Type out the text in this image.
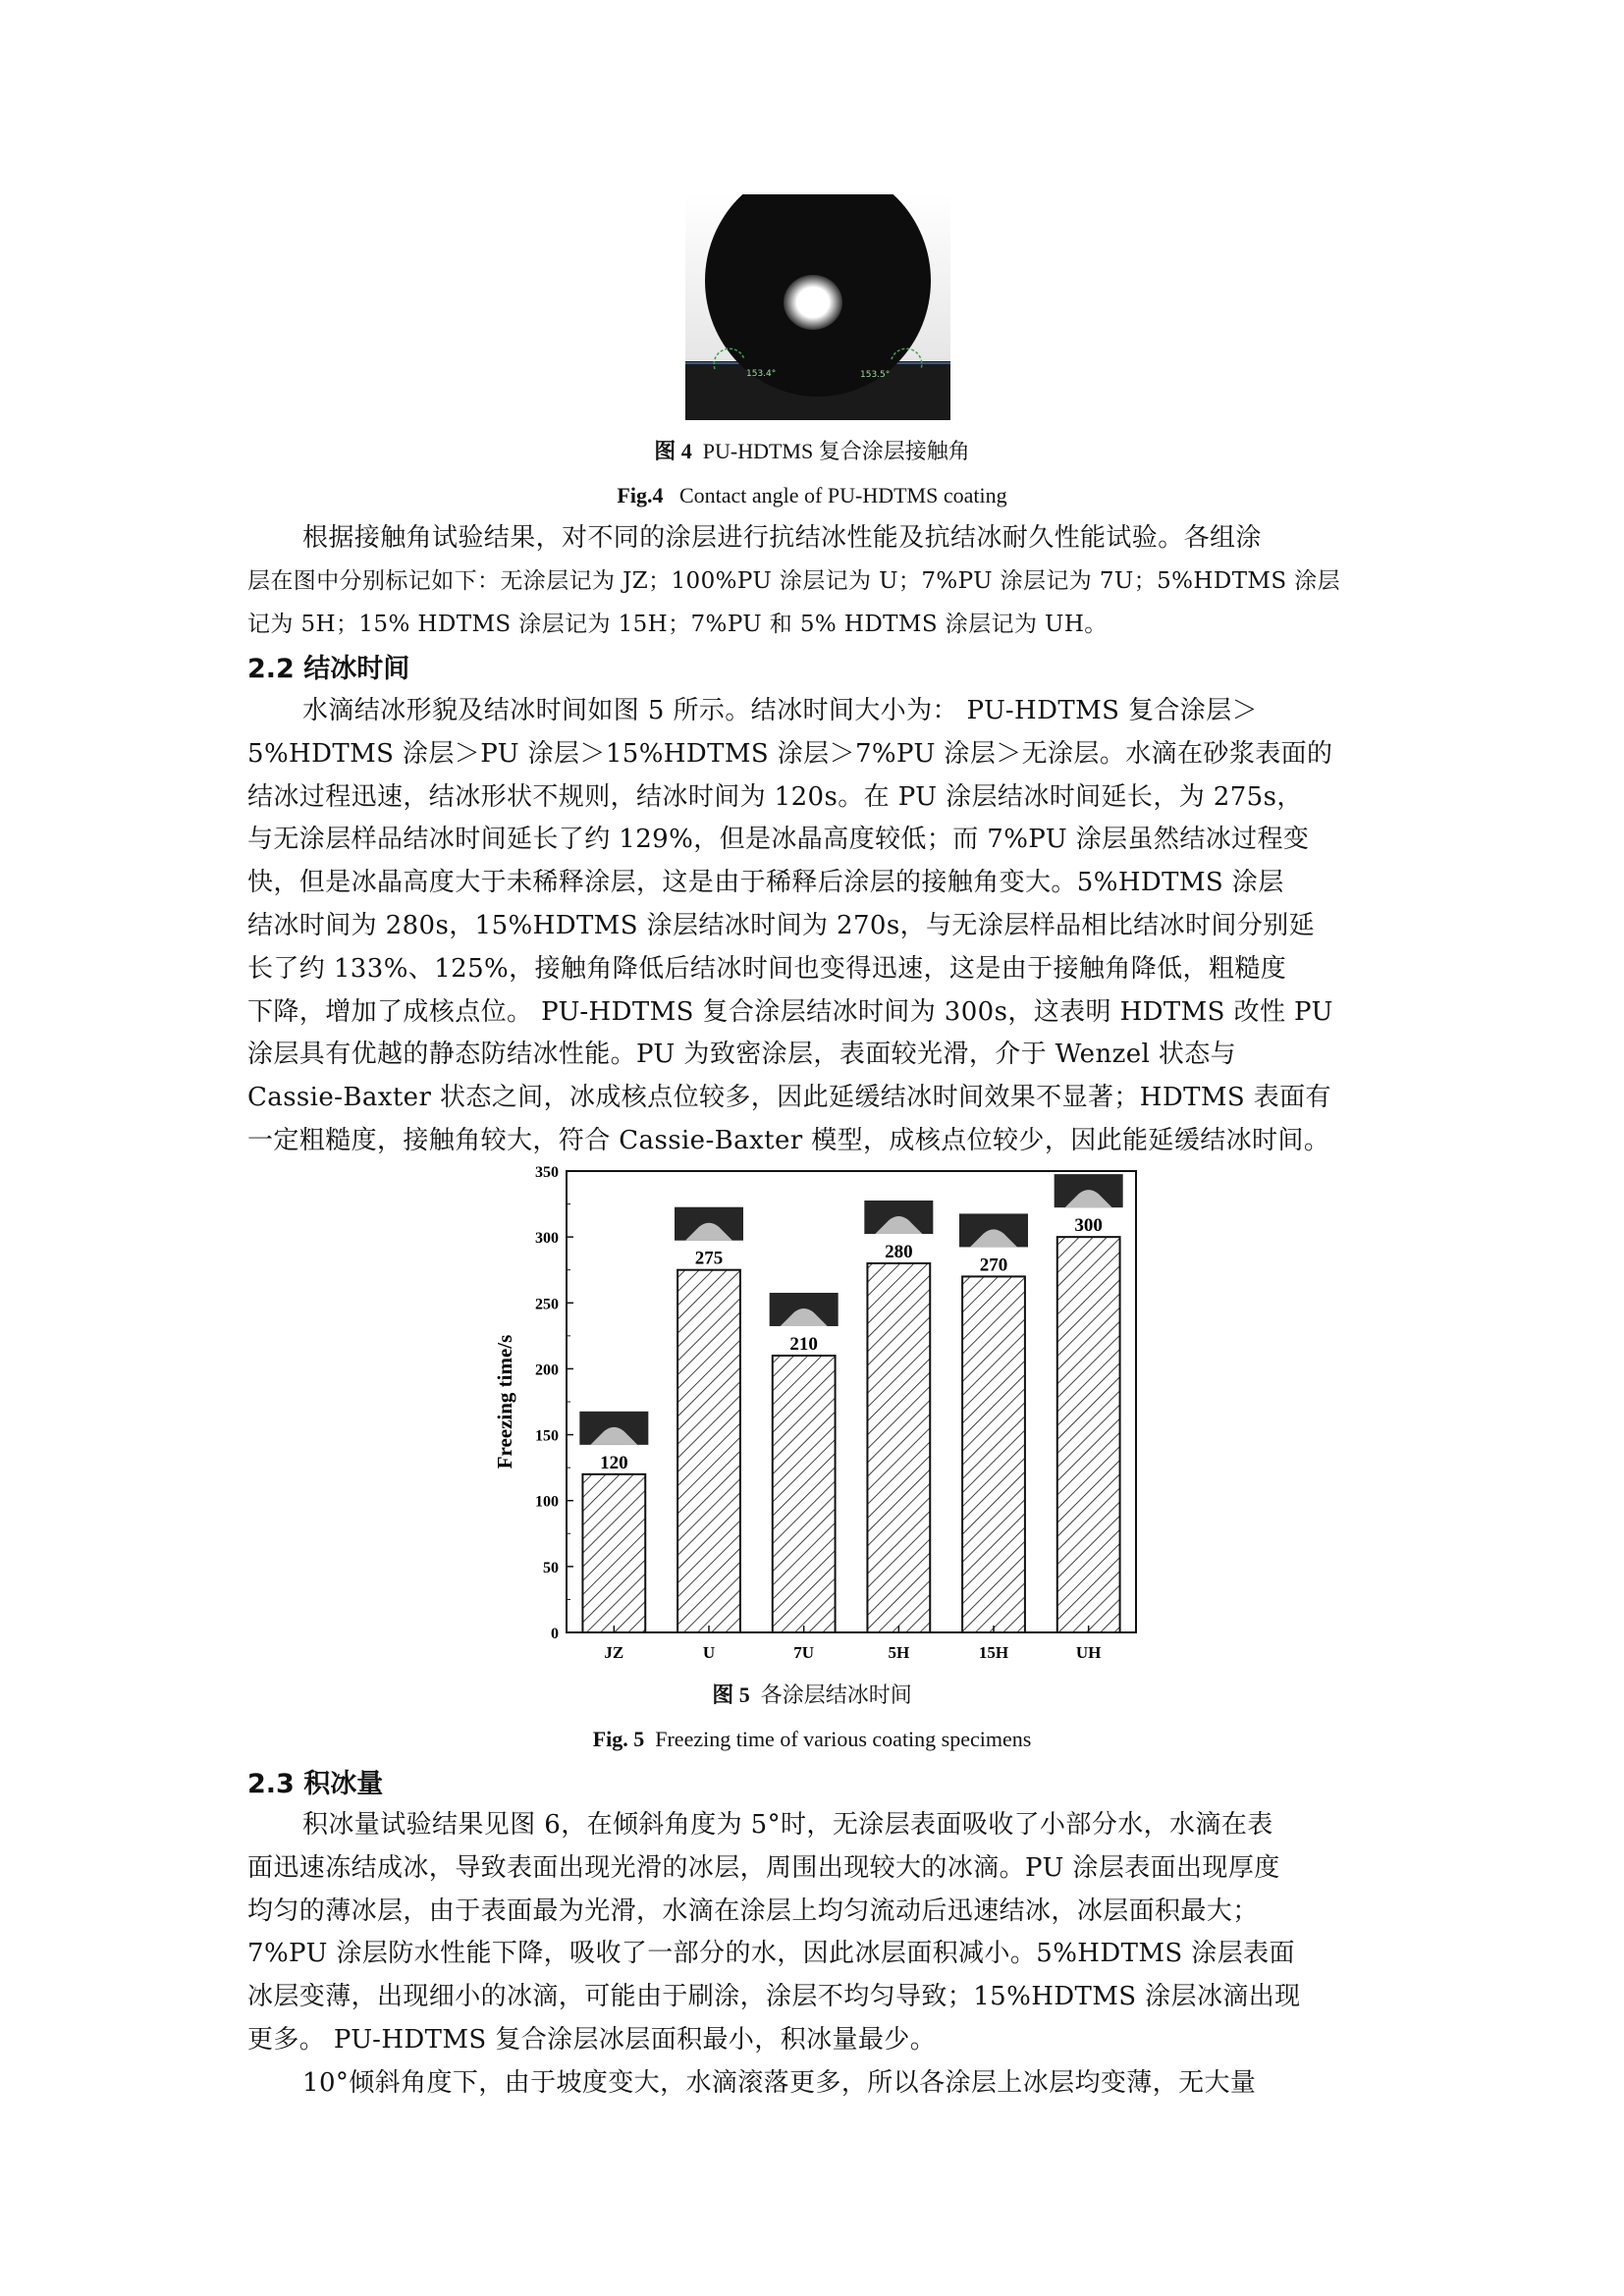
153.4°	153.5°
图 4 PU-HDTMS 复合涂层接触角
Fig.4 Contact angle of PU-HDTMS coating
根据接触角试验结果，对不同的涂层进行抗结冰性能及抗结冰耐久性能试验。各组涂
层在图中分别标记如下：无涂层记为 JZ；100%PU 涂层记为 U；7%PU 涂层记为 7U；5%HDTMS 涂层
记为 5H；15% HDTMS 涂层记为 15H；7%PU 和 5% HDTMS 涂层记为 UH。
2.2 结冰时间
水滴结冰形貌及结冰时间如图 5 所示。结冰时间大小为： PU-HDTMS 复合涂层＞
5%HDTMS 涂层＞PU 涂层＞15%HDTMS 涂层＞7%PU 涂层＞无涂层。水滴在砂浆表面的
结冰过程迅速，结冰形状不规则，结冰时间为 120s。在 PU 涂层结冰时间延长，为 275s，
与无涂层样品结冰时间延长了约 129%，但是冰晶高度较低；而 7%PU 涂层虽然结冰过程变
快，但是冰晶高度大于未稀释涂层，这是由于稀释后涂层的接触角变大。5%HDTMS 涂层
结冰时间为 280s，15%HDTMS 涂层结冰时间为 270s，与无涂层样品相比结冰时间分别延
长了约 133%、125%，接触角降低后结冰时间也变得迅速，这是由于接触角降低，粗糙度
下降，增加了成核点位。 PU-HDTMS 复合涂层结冰时间为 300s，这表明 HDTMS 改性 PU
涂层具有优越的静态防结冰性能。PU 为致密涂层，表面较光滑，介于 Wenzel 状态与
Cassie-Baxter 状态之间，冰成核点位较多，因此延缓结冰时间效果不显著；HDTMS 表面有
一定粗糙度，接触角较大，符合 Cassie-Baxter 模型，成核点位较少，因此能延缓结冰时间。
0
50
100
150
200
250
300
350
Freezing time/s	120
JZ
275
U
210
7U
280
5H
270
15H
300
UH
图 5 各涂层结冰时间
Fig. 5 Freezing time of various coating specimens
2.3 积冰量
积冰量试验结果见图 6，在倾斜角度为 5°时，无涂层表面吸收了小部分水，水滴在表
面迅速冻结成冰，导致表面出现光滑的冰层，周围出现较大的冰滴。PU 涂层表面出现厚度
均匀的薄冰层，由于表面最为光滑，水滴在涂层上均匀流动后迅速结冰，冰层面积最大；
7%PU 涂层防水性能下降，吸收了一部分的水，因此冰层面积减小。5%HDTMS 涂层表面
冰层变薄，出现细小的冰滴，可能由于刷涂，涂层不均匀导致；15%HDTMS 涂层冰滴出现
更多。 PU-HDTMS 复合涂层冰层面积最小，积冰量最少。
10°倾斜角度下，由于坡度变大，水滴滚落更多，所以各涂层上冰层均变薄，无大量
